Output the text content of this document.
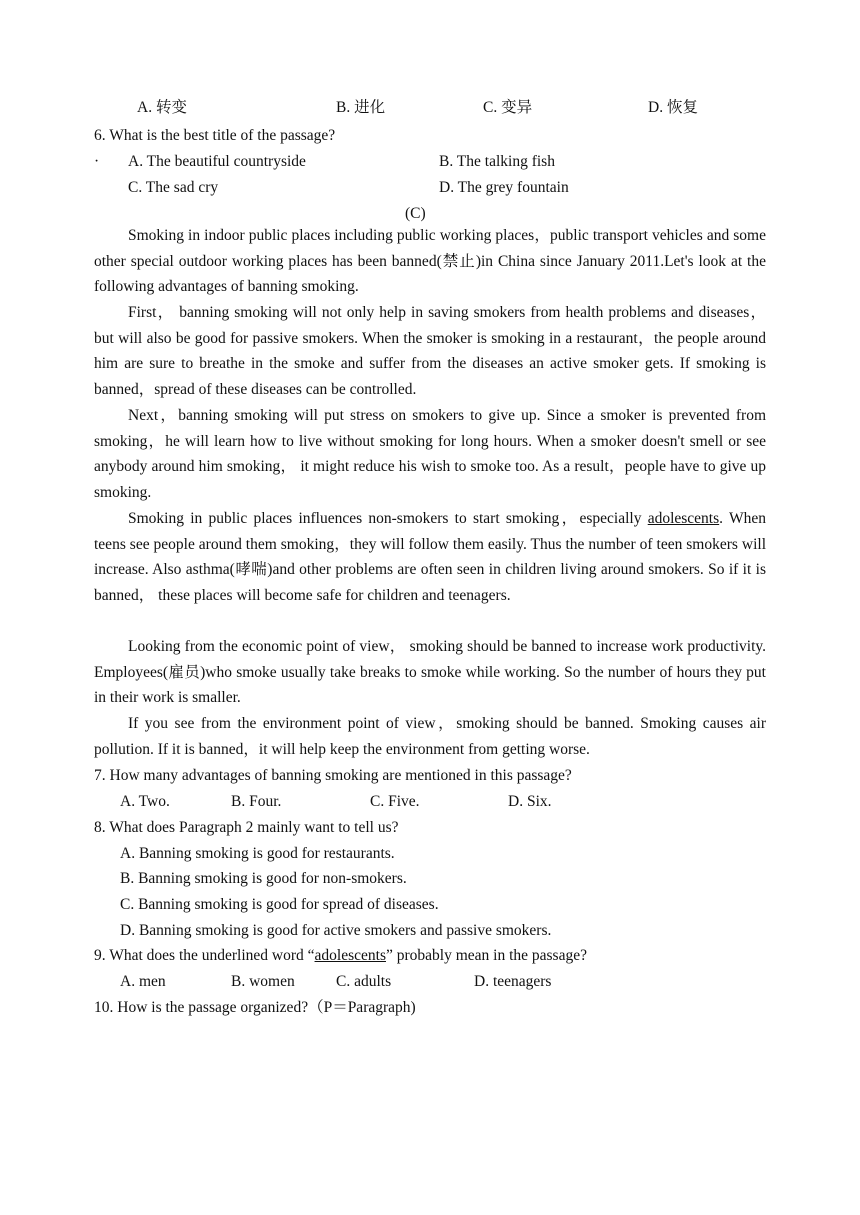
A. 转变	B. 进化	C. 变异	D. 恢复
6. What is the best title of the passage?
· A. The beautiful countryside	B. The talking fish
C. The sad cry	D. The grey fountain
(C)

Smoking in indoor public places including public working places，public transport vehicles and some other special outdoor working places has been banned(禁止)in China since January 2011.Let's look at the following advantages of banning smoking.

First， banning smoking will not only help in saving smokers from health problems and diseases， but will also be good for passive smokers. When the smoker is smoking in a restaurant，the people around him are sure to breathe in the smoke and suffer from the diseases an active smoker gets. If smoking is banned，spread of these diseases can be controlled.

Next，banning smoking will put stress on smokers to give up. Since a smoker is prevented from smoking，he will learn how to live without smoking for long hours. When a smoker doesn't smell or see anybody around him smoking， it might reduce his wish to smoke too. As a result，people have to give up smoking.

Smoking in public places influences non-smokers to start smoking，especially adolescents. When teens see people around them smoking，they will follow them easily. Thus the number of teen smokers will increase. Also asthma(哮喘)and other problems are often seen in children living around smokers. So if it is banned， these places will become safe for children and teenagers.

Looking from the economic point of view， smoking should be banned to increase work productivity. Employees(雇员)who smoke usually take breaks to smoke while working. So the number of hours they put in their work is smaller.

If you see from the environment point of view，smoking should be banned. Smoking causes air pollution. If it is banned，it will help keep the environment from getting worse.

7. How many advantages of banning smoking are mentioned in this passage?
A. Two.	B. Four.	C. Five.	D. Six.
8. What does Paragraph 2 mainly want to tell us?
A. Banning smoking is good for restaurants.
B. Banning smoking is good for non-smokers.
C. Banning smoking is good for spread of diseases.
D. Banning smoking is good for active smokers and passive smokers.
9. What does the underlined word “adolescents” probably mean in the passage?
A. men	B. women	C. adults	D. teenagers
10. How is the passage organized?（P＝Paragraph)
